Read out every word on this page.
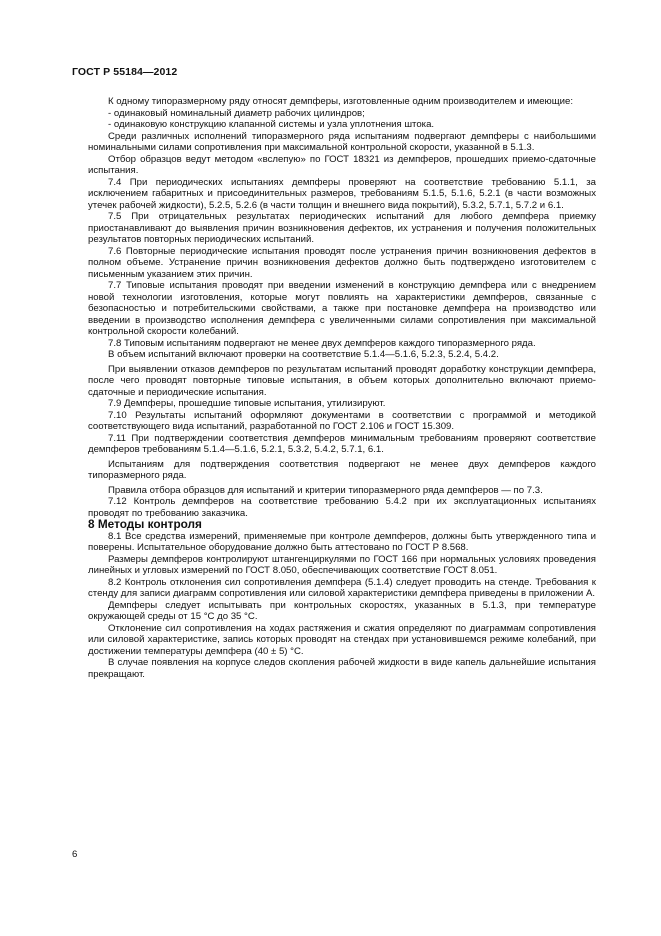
ГОСТ Р 55184—2012

К одному типоразмерному ряду относят демпферы, изготовленные одним производителем и имеющие:

- одинаковый номинальный диаметр рабочих цилиндров;

- одинаковую конструкцию клапанной системы и узла уплотнения штока.

Среди различных исполнений типоразмерного ряда испытаниям подвергают демпферы с наибольшими номинальными силами сопротивления при максимальной контрольной скорости, указанной в 5.1.3.

Отбор образцов ведут методом «вслепую» по ГОСТ 18321 из демпферов, прошедших приемо-сдаточные испытания.

7.4 При периодических испытаниях демпферы проверяют на соответствие требованию 5.1.1, за исключением габаритных и присоединительных размеров, требованиям 5.1.5, 5.1.6, 5.2.1 (в части возможных утечек рабочей жидкости), 5.2.5, 5.2.6 (в части толщин и внешнего вида покрытий), 5.3.2, 5.7.1, 5.7.2 и 6.1.

7.5 При отрицательных результатах периодических испытаний для любого демпфера приемку приостанавливают до выявления причин возникновения дефектов, их устранения и получения положительных результатов повторных периодических испытаний.

7.6 Повторные периодические испытания проводят после устранения причин возникновения дефектов в полном объеме. Устранение причин возникновения дефектов должно быть подтверждено изготовителем с письменным указанием этих причин.

7.7 Типовые испытания проводят при введении изменений в конструкцию демпфера или с внедрением новой технологии изготовления, которые могут повлиять на характеристики демпферов, связанные с безопасностью и потребительскими свойствами, а также при постановке демпфера на производство или введении в производство исполнения демпфера с увеличенными силами сопротивления при максимальной контрольной скорости колебаний.

7.8 Типовым испытаниям подвергают не менее двух демпферов каждого типоразмерного ряда.

В объем испытаний включают проверки на соответствие 5.1.4—5.1.6, 5.2.3, 5.2.4, 5.4.2.

При выявлении отказов демпферов по результатам испытаний проводят доработку конструкции демпфера, после чего проводят повторные типовые испытания, в объем которых дополнительно включают приемо-сдаточные и периодические испытания.

7.9 Демпферы, прошедшие типовые испытания, утилизируют.

7.10 Результаты испытаний оформляют документами в соответствии с программой и методикой соответствующего вида испытаний, разработанной по ГОСТ 2.106 и ГОСТ 15.309.

7.11 При подтверждении соответствия демпферов минимальным требованиям проверяют соответствие демпферов требованиям 5.1.4—5.1.6, 5.2.1, 5.3.2, 5.4.2, 5.7.1, 6.1.

Испытаниям для подтверждения соответствия подвергают не менее двух демпферов каждого типоразмерного ряда.

Правила отбора образцов для испытаний и критерии типоразмерного ряда демпферов — по 7.3.

7.12 Контроль демпферов на соответствие требованию 5.4.2 при их эксплуатационных испытаниях проводят по требованию заказчика.

8 Методы контроля

8.1 Все средства измерений, применяемые при контроле демпферов, должны быть утвержденного типа и поверены. Испытательное оборудование должно быть аттестовано по ГОСТ Р 8.568.

Размеры демпферов контролируют штангенциркулями по ГОСТ 166 при нормальных условиях проведения линейных и угловых измерений по ГОСТ 8.050, обеспечивающих соответствие ГОСТ 8.051.

8.2 Контроль отклонения сил сопротивления демпфера (5.1.4) следует проводить на стенде. Требования к стенду для записи диаграмм сопротивления или силовой характеристики демпфера приведены в приложении А.

Демпферы следует испытывать при контрольных скоростях, указанных в 5.1.3, при температуре окружающей среды от 15 °С до 35 °С.

Отклонение сил сопротивления на ходах растяжения и сжатия определяют по диаграммам сопротивления или силовой характеристике, запись которых проводят на стендах при установившемся режиме колебаний, при достижении температуры демпфера (40 ± 5) °С.

В случае появления на корпусе следов скопления рабочей жидкости в виде капель дальнейшие испытания прекращают.

6
